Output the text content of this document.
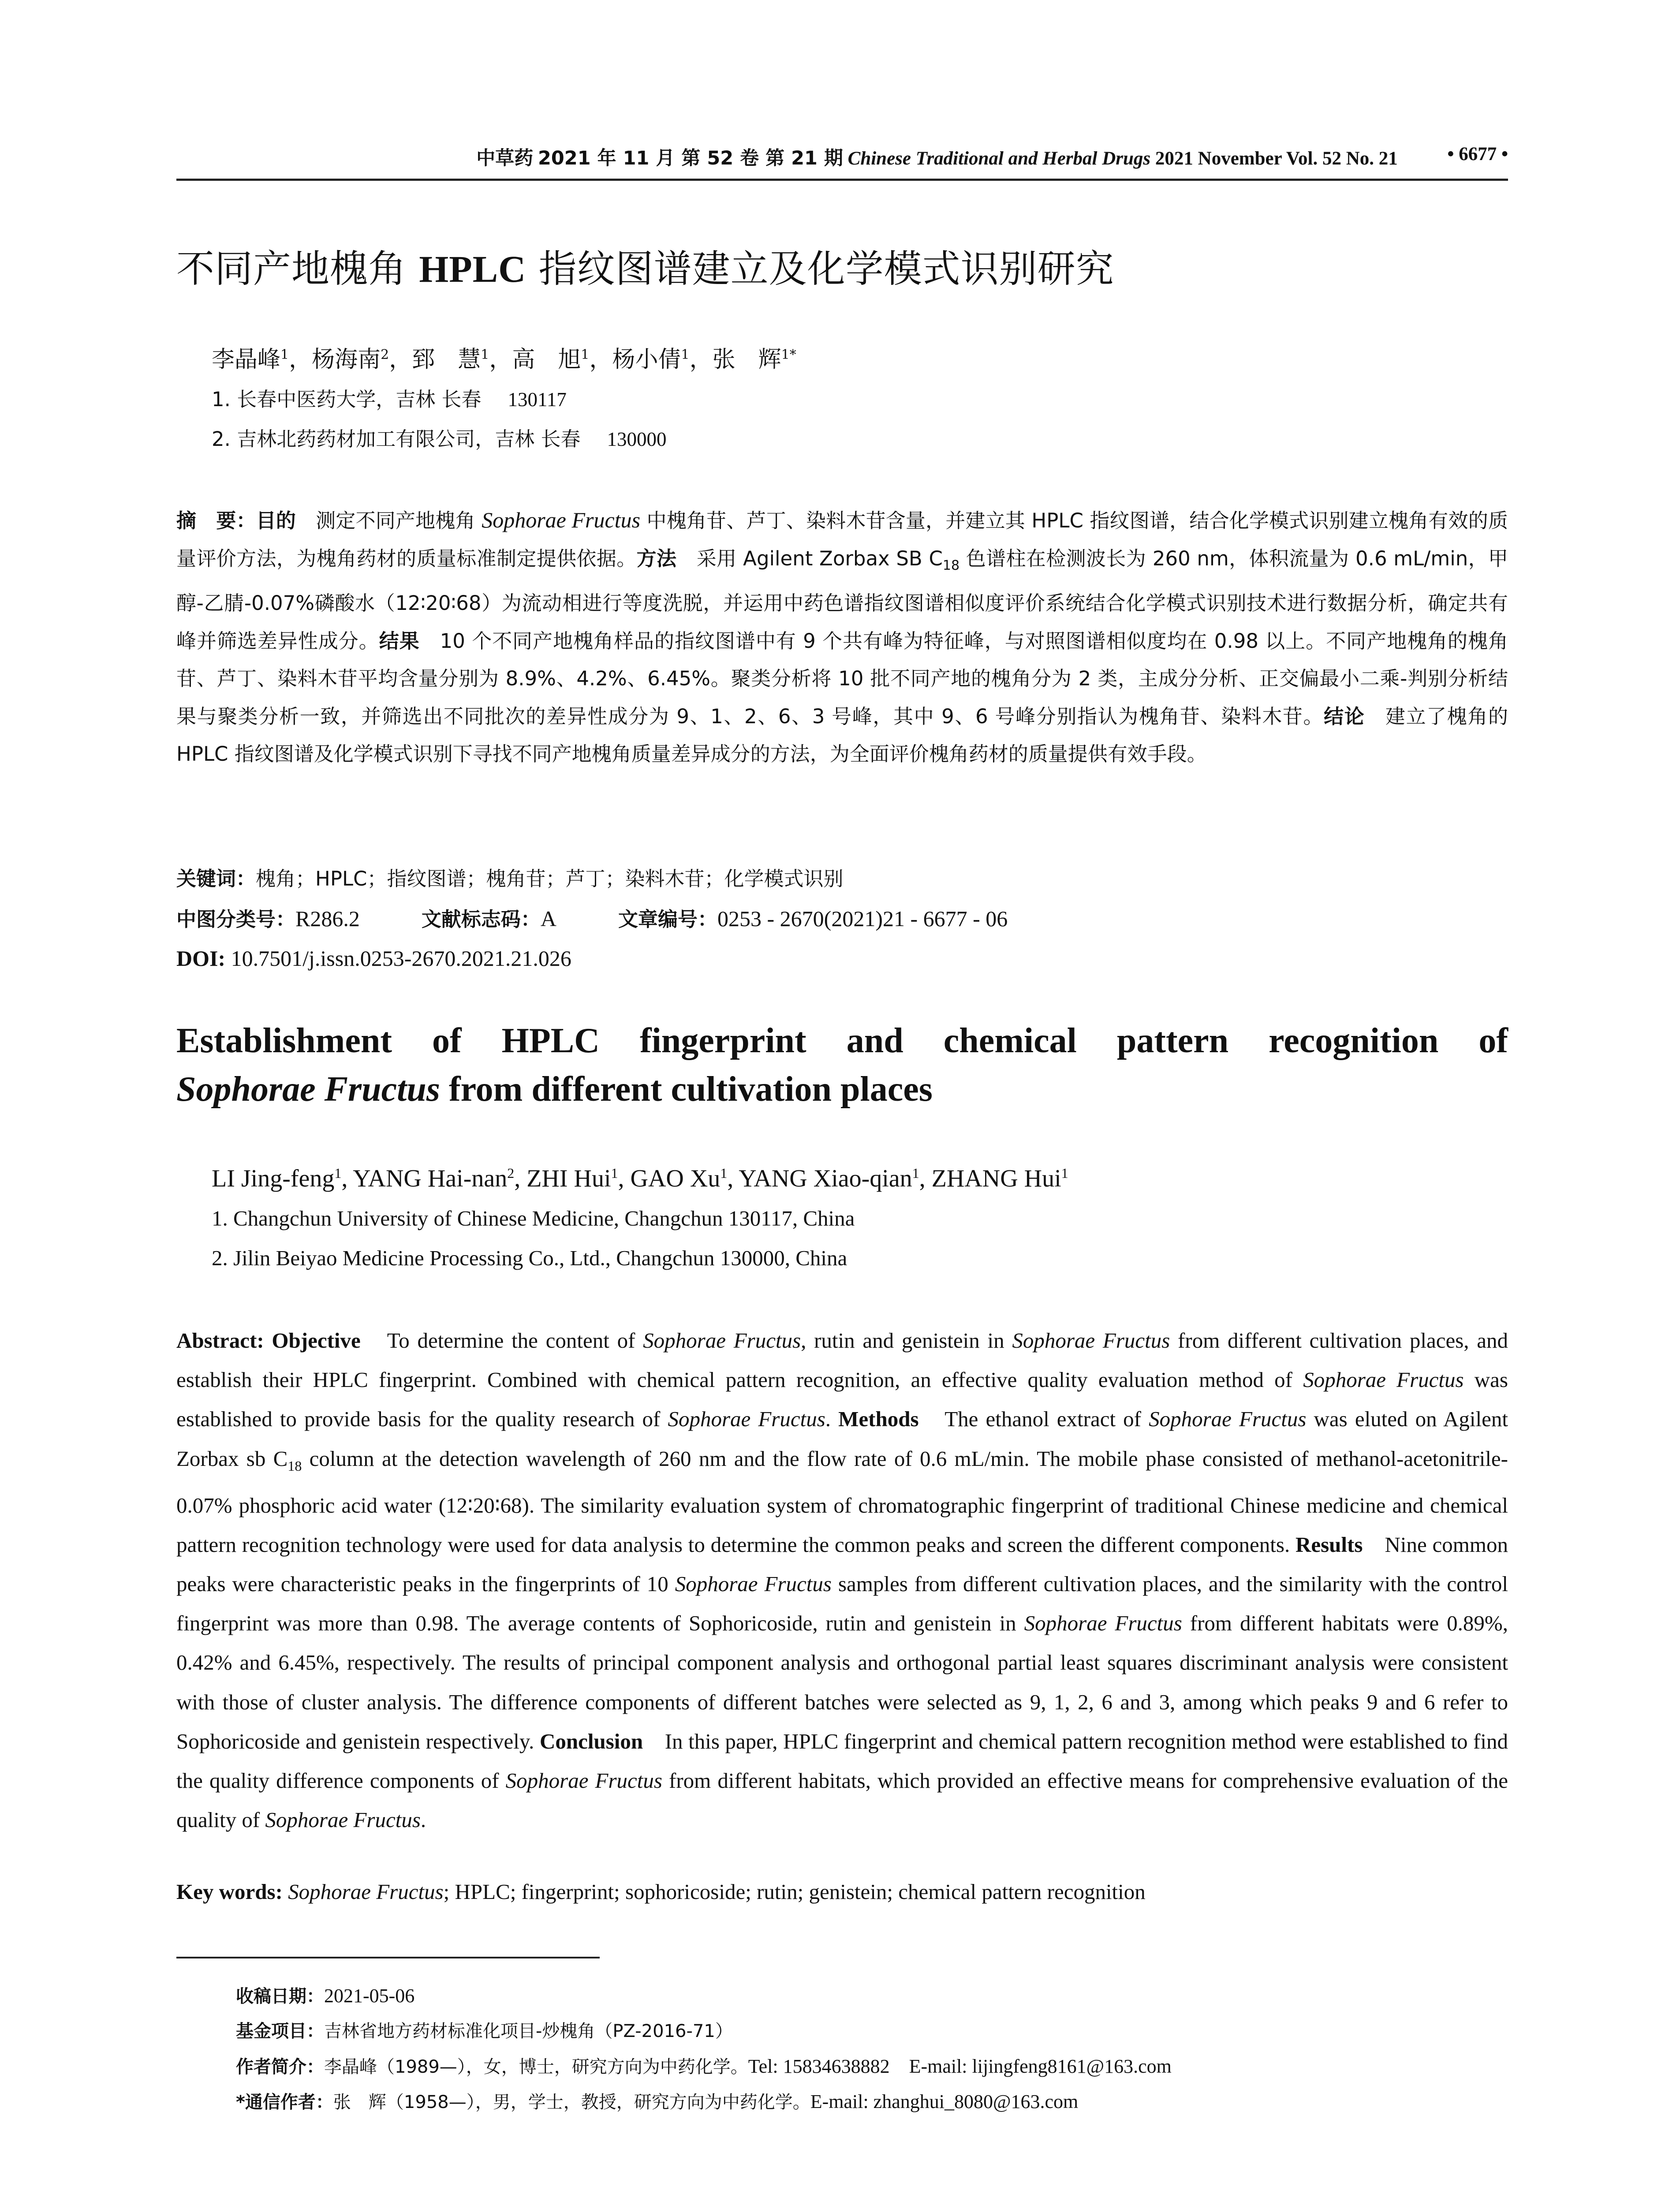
中草药 2021 年 11 月 第 52 卷 第 21 期 Chinese Traditional and Herbal Drugs 2021 November Vol. 52 No. 21	• 6677 •
不同产地槐角 HPLC 指纹图谱建立及化学模式识别研究
李晶峰$^1$，杨海南$^2$，郅　慧$^1$，高　旭$^1$，杨小倩$^1$，张　辉$^{1*}$
1. 长春中医药大学，吉林 长春 130117
2. 吉林北药药材加工有限公司，吉林 长春 130000
摘　要：目的　测定不同产地槐角 Sophorae Fructus 中槐角苷、芦丁、染料木苷含量，并建立其 HPLC 指纹图谱，结合化学模式识别建立槐角有效的质量评价方法，为槐角药材的质量标准制定提供依据。方法　采用 Agilent Zorbax SB $C_{18}$ 色谱柱在检测波长为 260 nm，体积流量为 0.6 mL/min，甲醇-乙腈-0.07%磷酸水（12∶20∶68）为流动相进行等度洗脱，并运用中药色谱指纹图谱相似度评价系统结合化学模式识别技术进行数据分析，确定共有峰并筛选差异性成分。结果　10 个不同产地槐角样品的指纹图谱中有 9 个共有峰为特征峰，与对照图谱相似度均在 0.98 以上。不同产地槐角的槐角苷、芦丁、染料木苷平均含量分别为 8.9%、4.2%、6.45%。聚类分析将 10 批不同产地的槐角分为 2 类，主成分分析、正交偏最小二乘-判别分析结果与聚类分析一致，并筛选出不同批次的差异性成分为 9、1、2、6、3 号峰，其中 9、6 号峰分别指认为槐角苷、染料木苷。结论　建立了槐角的 HPLC 指纹图谱及化学模式识别下寻找不同产地槐角质量差异成分的方法，为全面评价槐角药材的质量提供有效手段。
关键词：槐角；HPLC；指纹图谱；槐角苷；芦丁；染料木苷；化学模式识别
中图分类号：R286.2	文献标志码：A	文章编号：0253 - 2670(2021)21 - 6677 - 06
DOI: 10.7501/j.issn.0253-2670.2021.21.026
Establishment of HPLC fingerprint and chemical pattern recognition of
Sophorae Fructus from different cultivation places
LI Jing-feng$^1$, YANG Hai-nan$^2$, ZHI Hui$^1$, GAO Xu$^1$, YANG Xiao-qian$^1$, ZHANG Hui$^1$
1. Changchun University of Chinese Medicine, Changchun 130117, China
2. Jilin Beiyao Medicine Processing Co., Ltd., Changchun 130000, China
Abstract: Objective　To determine the content of Sophorae Fructus, rutin and genistein in Sophorae Fructus from different cultivation places, and establish their HPLC fingerprint. Combined with chemical pattern recognition, an effective quality evaluation method of Sophorae Fructus was established to provide basis for the quality research of Sophorae Fructus. Methods　The ethanol extract of Sophorae Fructus was eluted on Agilent Zorbax sb $C_{18}$ column at the detection wavelength of 260 nm and the flow rate of 0.6 mL/min. The mobile phase consisted of methanol-acetonitrile-0.07% phosphoric acid water (12∶20∶68). The similarity evaluation system of chromatographic fingerprint of traditional Chinese medicine and chemical pattern recognition technology were used for data analysis to determine the common peaks and screen the different components. Results　Nine common peaks were characteristic peaks in the fingerprints of 10 Sophorae Fructus samples from different cultivation places, and the similarity with the control fingerprint was more than 0.98. The average contents of Sophoricoside, rutin and genistein in Sophorae Fructus from different habitats were 0.89%, 0.42% and 6.45%, respectively. The results of principal component analysis and orthogonal partial least squares discriminant analysis were consistent with those of cluster analysis. The difference components of different batches were selected as 9, 1, 2, 6 and 3, among which peaks 9 and 6 refer to Sophoricoside and genistein respectively. Conclusion　In this paper, HPLC fingerprint and chemical pattern recognition method were established to find the quality difference components of Sophorae Fructus from different habitats, which provided an effective means for comprehensive evaluation of the quality of Sophorae Fructus.
Key words: Sophorae Fructus; HPLC; fingerprint; sophoricoside; rutin; genistein; chemical pattern recognition
收稿日期：2021-05-06
基金项目：吉林省地方药材标准化项目-炒槐角（PZ-2016-71）
作者简介：李晶峰（1989—），女，博士，研究方向为中药化学。Tel: 15834638882　E-mail: lijingfeng8161@163.com
*通信作者：张　辉（1958—），男，学士，教授，研究方向为中药化学。E-mail: zhanghui_8080@163.com
